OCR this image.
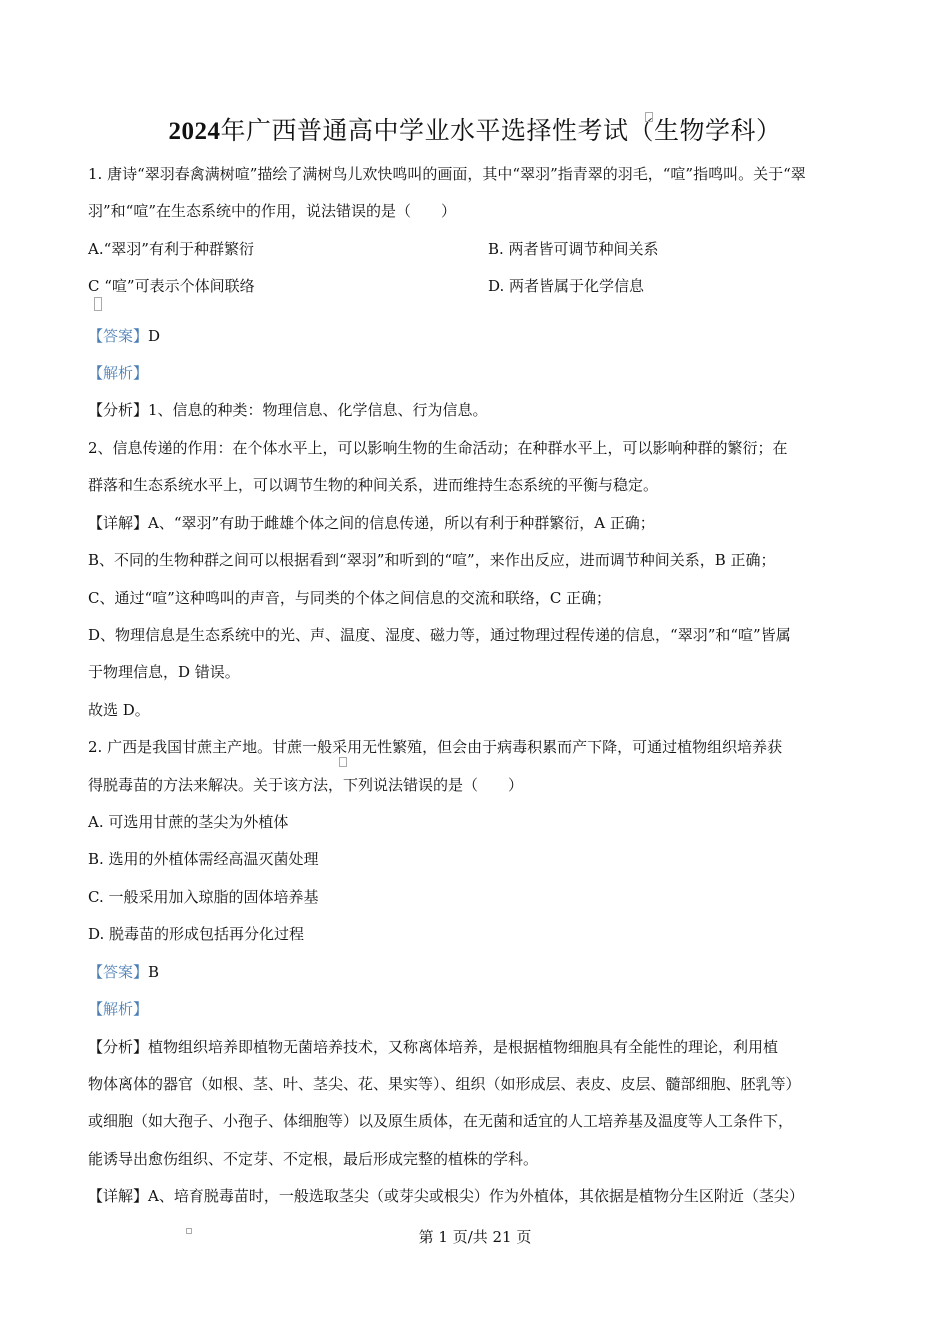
2024年广西普通高中学业水平选择性考试（生物学科）
1. 唐诗“翠羽春禽满树喧”描绘了满树鸟儿欢快鸣叫的画面，其中“翠羽”指青翠的羽毛，“喧”指鸣叫。关于“翠
羽”和“喧”在生态系统中的作用，说法错误的是（　　）
A.“翠羽”有利于种群繁衍	B. 两者皆可调节种间关系
C “喧”可表示个体间联络	D. 两者皆属于化学信息
【答案】D
【解析】
【分析】1、信息的种类：物理信息、化学信息、行为信息。
2、信息传递的作用：在个体水平上，可以影响生物的生命活动；在种群水平上，可以影响种群的繁衍；在
群落和生态系统水平上，可以调节生物的种间关系，进而维持生态系统的平衡与稳定。
【详解】A、“翠羽”有助于雌雄个体之间的信息传递，所以有利于种群繁衍，A 正确；
B、不同的生物种群之间可以根据看到“翠羽”和听到的“喧”，来作出反应，进而调节种间关系，B 正确；
C、通过“喧”这种鸣叫的声音，与同类的个体之间信息的交流和联络，C 正确；
D、物理信息是生态系统中的光、声、温度、湿度、磁力等，通过物理过程传递的信息，“翠羽”和“喧”皆属
于物理信息，D 错误。
故选 D。
2. 广西是我国甘蔗主产地。甘蔗一般采用无性繁殖，但会由于病毒积累而产下降，可通过植物组织培养获
得脱毒苗的方法来解决。关于该方法，下列说法错误的是（　　）
A. 可选用甘蔗的茎尖为外植体
B. 选用的外植体需经高温灭菌处理
C. 一般采用加入琼脂的固体培养基
D. 脱毒苗的形成包括再分化过程
【答案】B
【解析】
【分析】植物组织培养即植物无菌培养技术，又称离体培养，是根据植物细胞具有全能性的理论，利用植
物体离体的器官（如根、茎、叶、茎尖、花、果实等）、组织（如形成层、表皮、皮层、髓部细胞、胚乳等）
或细胞（如大孢子、小孢子、体细胞等）以及原生质体，在无菌和适宜的人工培养基及温度等人工条件下，
能诱导出愈伤组织、不定芽、不定根，最后形成完整的植株的学科。
【详解】A、培育脱毒苗时，一般选取茎尖（或芽尖或根尖）作为外植体，其依据是植物分生区附近（茎尖）
第 1 页/共 21 页
